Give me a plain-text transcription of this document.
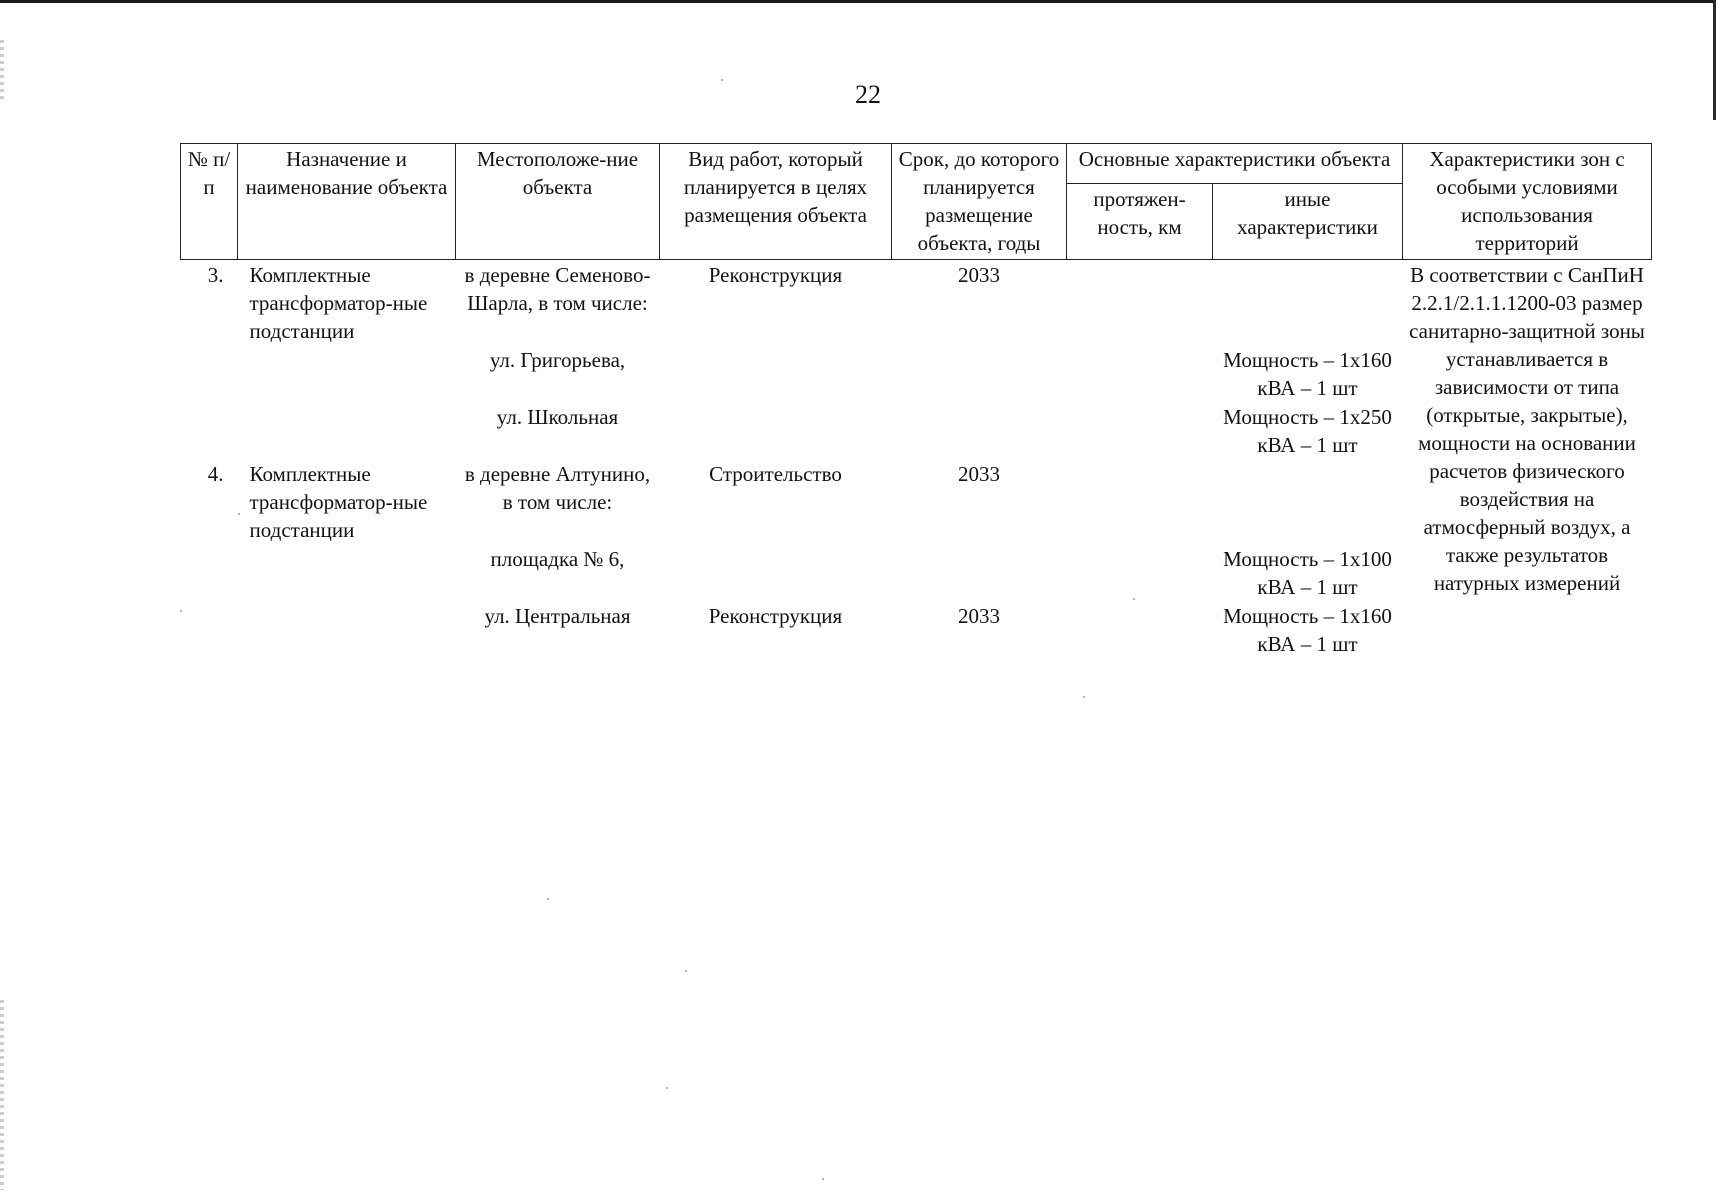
22
№ п/п	Назначение и наименование объекта	Местоположе-ние объекта	Вид работ, который планируется в целях размещения объекта	Срок, до которого планируется размещение объекта, годы	Основные характеристики объекта		Характеристики зон с особыми условиями использования территорий
					протяжен-ность, км	иные характеристики	
3.	Комплектные трансформатор-ные подстанции	в деревне Семеново-Шарла, в том числе:	Реконструкция	2033			В соответствии с СанПиН 2.2.1/2.1.1.1200-03 размер санитарно-защитной зоны устанавливается в зависимости от типа (открытые, закрытые), мощности на основании расчетов физического воздействия на атмосферный воздух, а также результатов натурных измерений
		ул. Григорьева,				Мощность – 1х160 кВА – 1 шт	
		ул. Школьная				Мощность – 1х250 кВА – 1 шт	
4.	Комплектные трансформатор-ные подстанции	в деревне Алтунино, в том числе:	Строительство	2033			
		площадка № 6,				Мощность – 1х100 кВА – 1 шт	
		ул. Центральная	Реконструкция	2033		Мощность – 1х160 кВА – 1 шт	
